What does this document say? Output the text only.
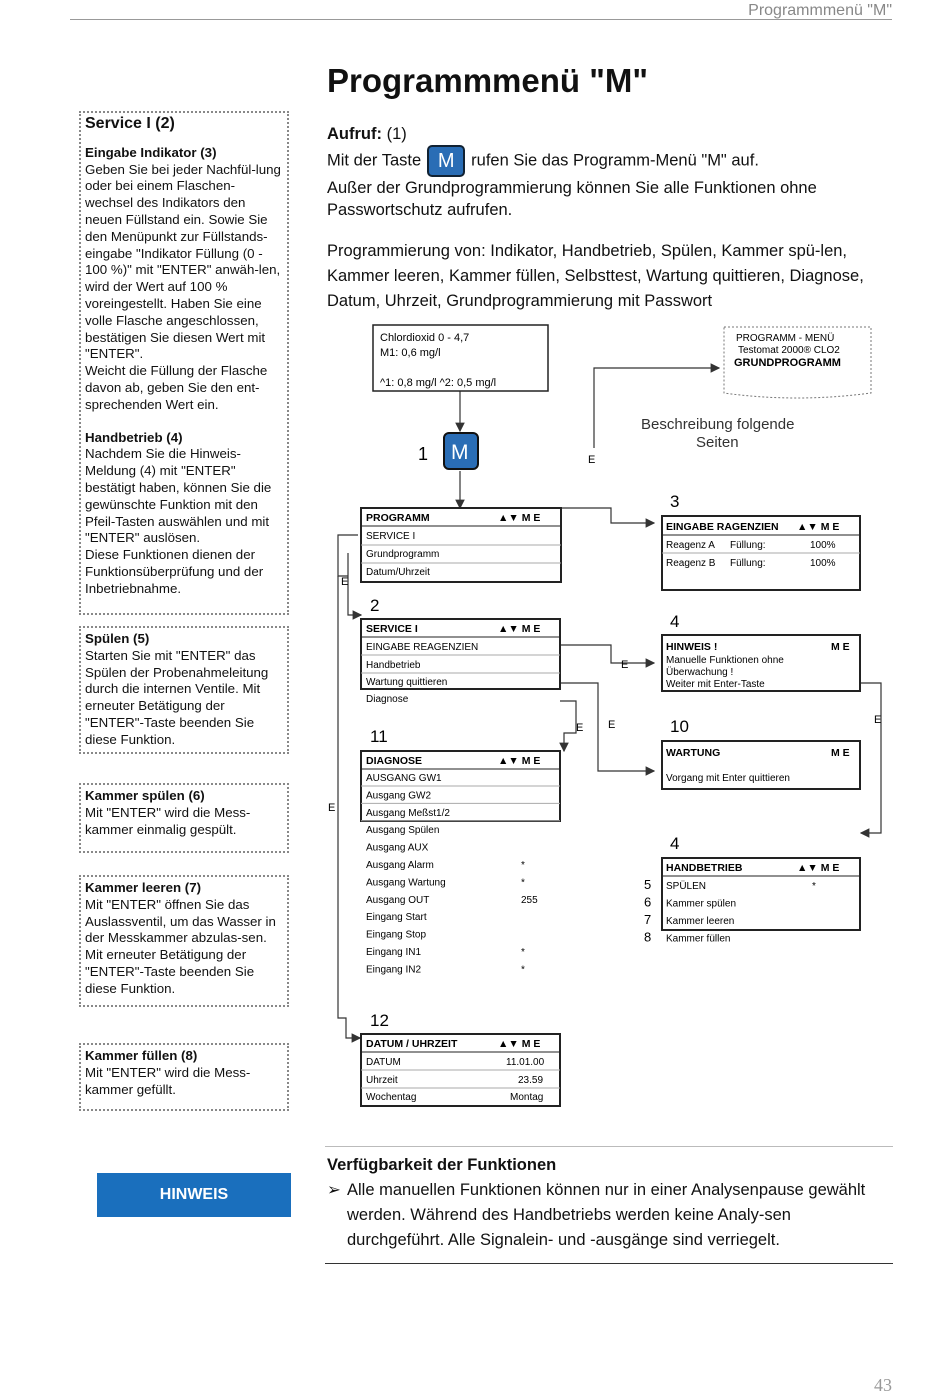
Programmmenü "M"
Programmmenü "M"
Service I (2)
Eingabe Indikator (3)
Geben Sie bei jeder Nachfül-lung oder bei einem Flaschen-wechsel des Indikators den neuen Füllstand ein. Sowie Sie den Menüpunkt zur Füllstands-eingabe "Indikator Füllung (0 - 100 %)" mit "ENTER" anwäh-len, wird der Wert auf 100 % voreingestellt. Haben Sie eine volle Flasche angeschlossen, bestätigen Sie diesen Wert mit "ENTER".
Weicht die Füllung der Flasche davon ab, geben Sie den ent-sprechenden Wert ein.
Handbetrieb (4)
Nachdem Sie die Hinweis-Meldung (4) mit "ENTER" bestätigt haben, können Sie die gewünschte Funktion mit den Pfeil-Tasten auswählen und mit "ENTER" auslösen.
Diese Funktionen dienen der Funktionsüberprüfung und der Inbetriebnahme.
Spülen (5)
Starten Sie mit "ENTER" das Spülen der Probenahmeleitung durch die internen Ventile. Mit erneuter Betätigung der "ENTER"-Taste beenden Sie diese Funktion.
Kammer spülen (6)
Mit "ENTER" wird die Mess-kammer einmalig gespült.
Kammer leeren (7)
Mit "ENTER" öffnen Sie das Auslassventil, um das Wasser in der Messkammer abzulas-sen. Mit erneuter Betätigung der "ENTER"-Taste beenden Sie diese Funktion.
Kammer füllen (8)
Mit "ENTER" wird die Mess-kammer gefüllt.
Aufruf: (1)
Mit der Taste M rufen Sie das Programm-Menü "M" auf.
Außer der Grundprogrammierung können Sie alle Funktionen ohne Passwortschutz aufrufen.
Programmierung von: Indikator, Handbetrieb, Spülen, Kammer spü-len, Kammer leeren, Kammer füllen, Selbsttest, Wartung quittieren, Diagnose, Datum, Uhrzeit, Grundprogrammierung mit Passwort
Chlordioxid 0 - 4,7
M1: 0,6 mg/l
^1: 0,8 mg/l ^2: 0,5 mg/l
PROGRAMM - MENÜ
Testomat 2000® CLO2
GRUNDPROGRAMM
Beschreibung folgende
Seiten
1 M	E
E
E
E
E
E
E
PROGRAMM	▲▼ M E
SERVICE I
Grundprogramm
Datum/Uhrzeit
3
EINGABE RAGENZIEN ▲▼ M E
Reagenz A Füllung:	100%
Reagenz B Füllung:	100%
2
SERVICE I	▲▼ M E
EINGABE REAGENZIEN
Handbetrieb
Wartung quittieren
Diagnose
4
HINWEIS !	M E
Manuelle Funktionen ohne
Überwachung !
Weiter mit Enter-Taste
10
WARTUNG	M E
Vorgang mit Enter quittieren
11
DIAGNOSE	▲▼ M E
AUSGANG GW1
Ausgang GW2
Ausgang Meßst1/2
Ausgang Spülen
Ausgang AUX
Ausgang Alarm	*
Ausgang Wartung	*
Ausgang OUT	255
Eingang Start
Eingang Stop
Eingang IN1	*
Eingang IN2	*
4
HANDBETRIEB	▲▼ M E
5 SPÜLEN	*
6 Kammer spülen
7 Kammer leeren
8 Kammer füllen
12
DATUM / UHRZEIT	▲▼ M E
DATUM	11.01.00
Uhrzeit	23.59
Wochentag	Montag
HINWEIS
Verfügbarkeit der Funktionen
➢ Alle manuellen Funktionen können nur in einer Analysenpause gewählt werden. Während des Handbetriebs werden keine Analy-sen durchgeführt. Alle Signalein- und -ausgänge sind verriegelt.
43
